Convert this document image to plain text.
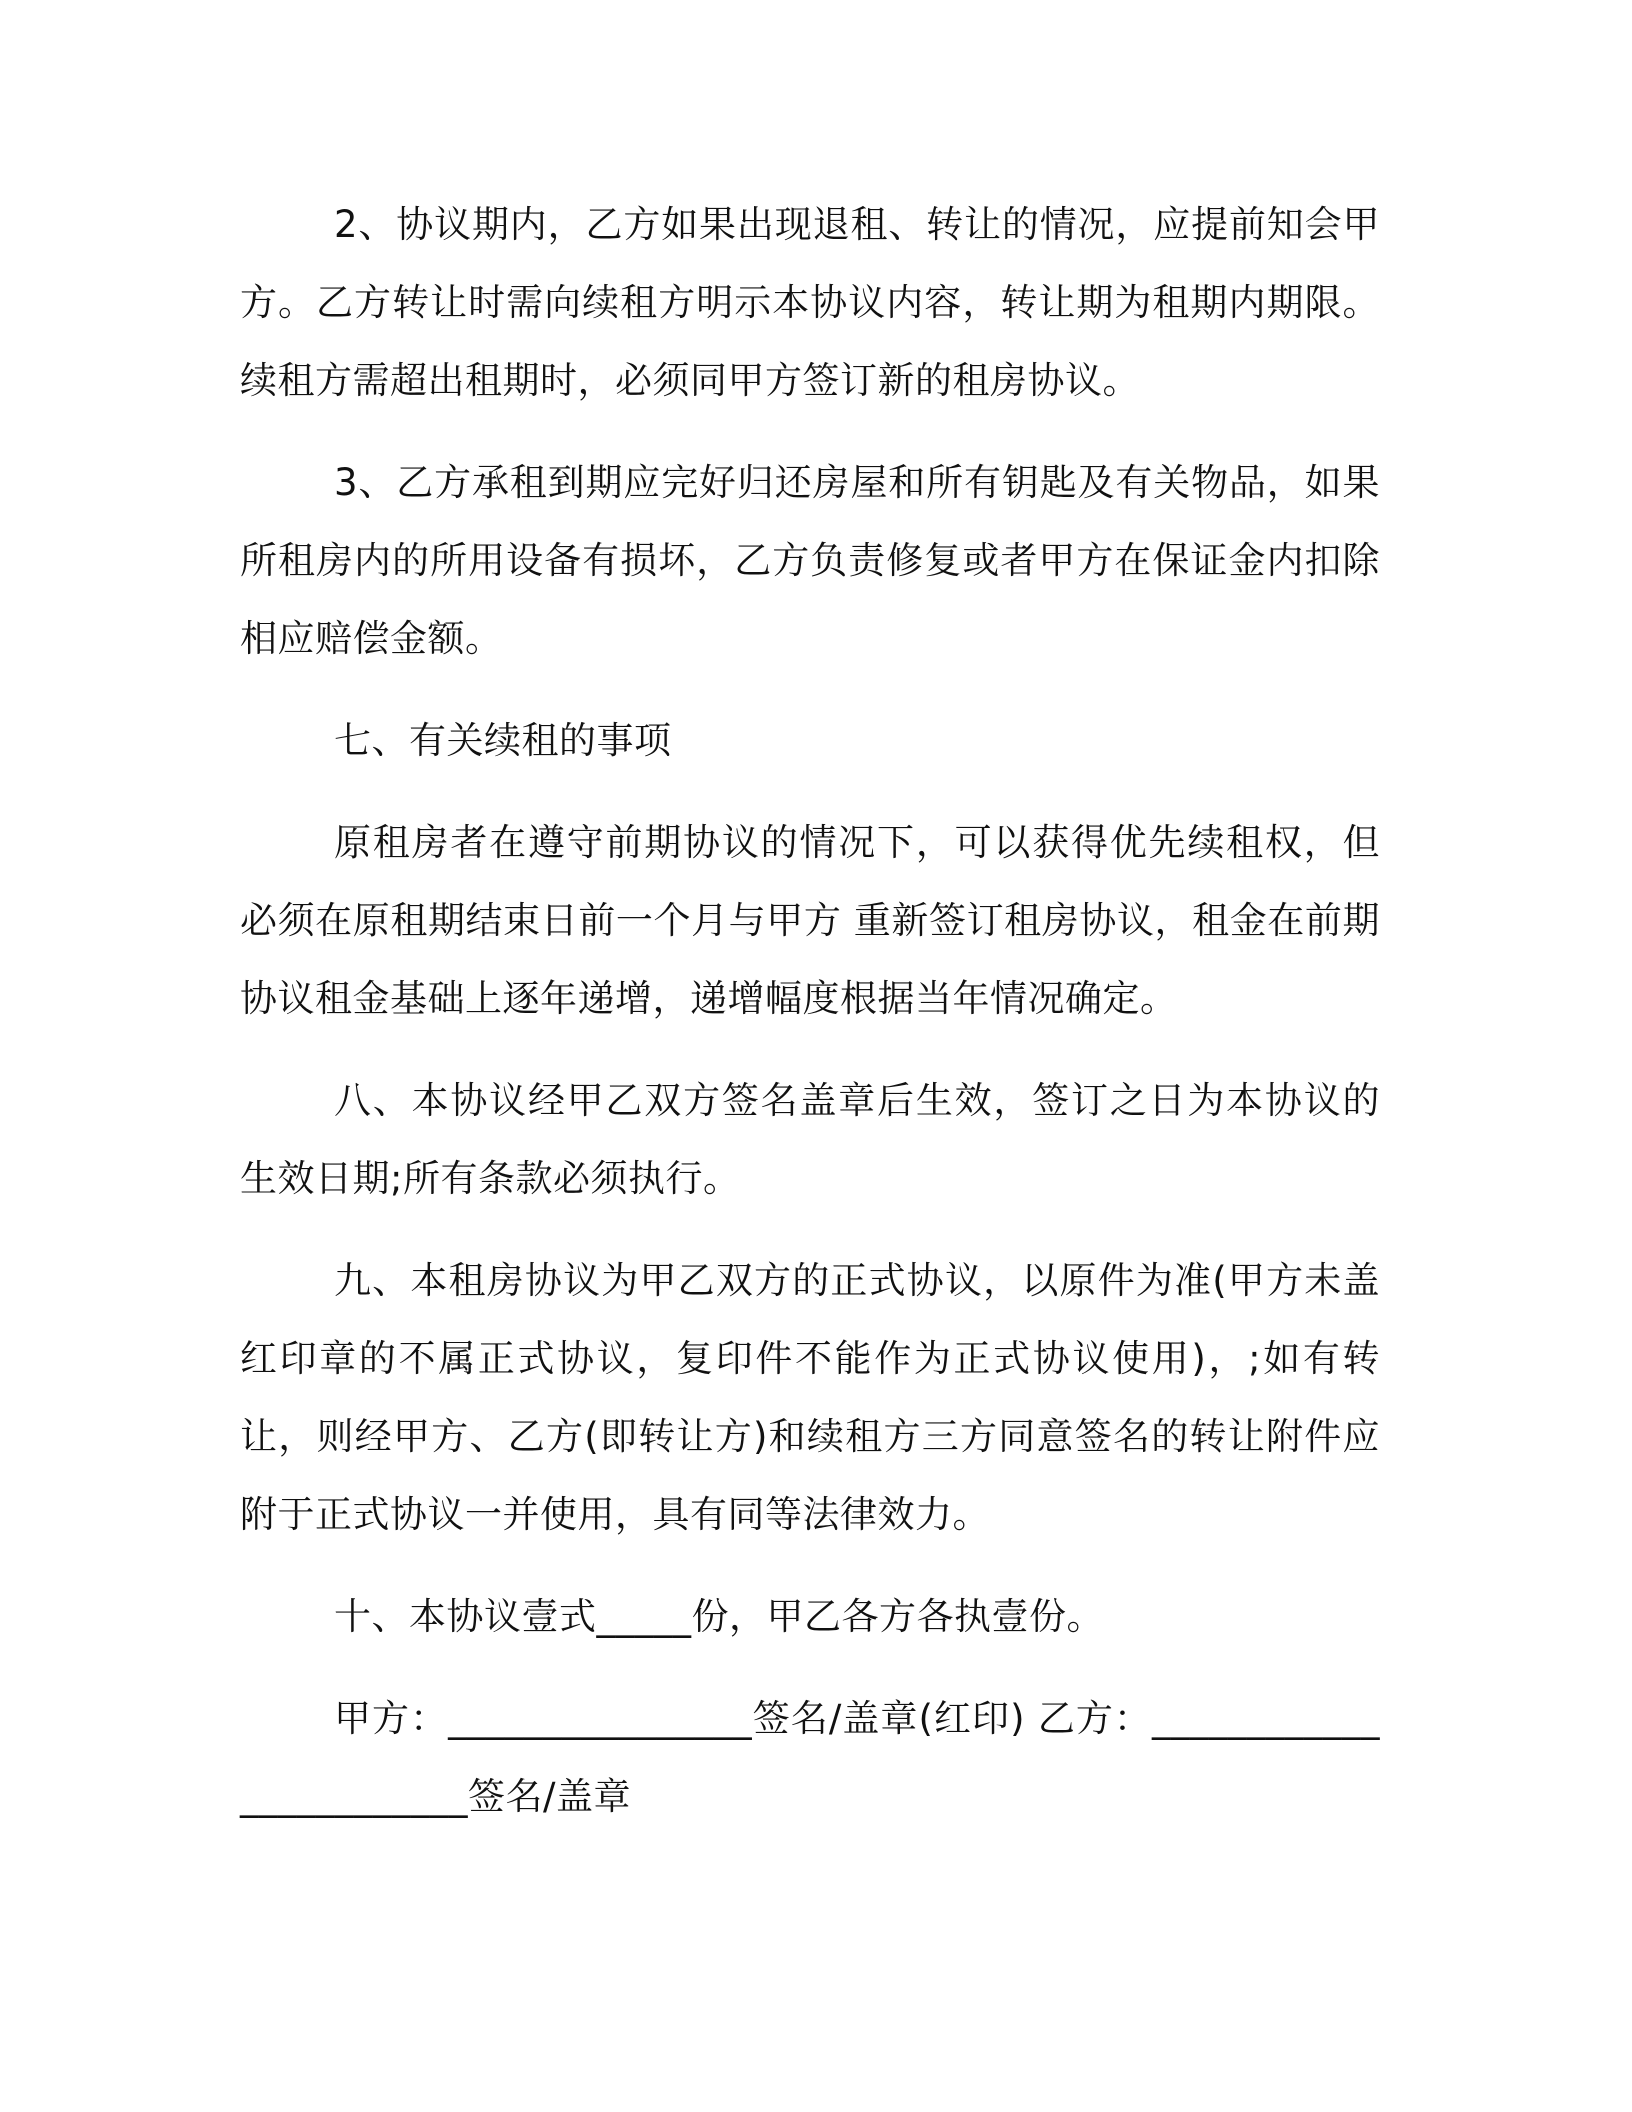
2、协议期内，乙方如果出现退租、转让的情况，应提前知会甲方。乙方转让时需向续租方明示本协议内容，转让期为租期内期限。续租方需超出租期时，必须同甲方签订新的租房协议。

3、乙方承租到期应完好归还房屋和所有钥匙及有关物品，如果所租房内的所用设备有损坏，乙方负责修复或者甲方在保证金内扣除相应赔偿金额。

七、有关续租的事项

原租房者在遵守前期协议的情况下，可以获得优先续租权，但必须在原租期结束日前一个月与甲方 重新签订租房协议，租金在前期协议租金基础上逐年递增，递增幅度根据当年情况确定。

八、本协议经甲乙双方签名盖章后生效，签订之日为本协议的生效日期;所有条款必须执行。

九、本租房协议为甲乙双方的正式协议，以原件为准(甲方未盖红印章的不属正式协议，复印件不能作为正式协议使用)，;如有转让，则经甲方、乙方(即转让方)和续租方三方同意签名的转让附件应附于正式协议一并使用，具有同等法律效力。

十、本协议壹式_____份，甲乙各方各执壹份。

甲方：________________签名/盖章(红印) 乙方：________________________签名/盖章
